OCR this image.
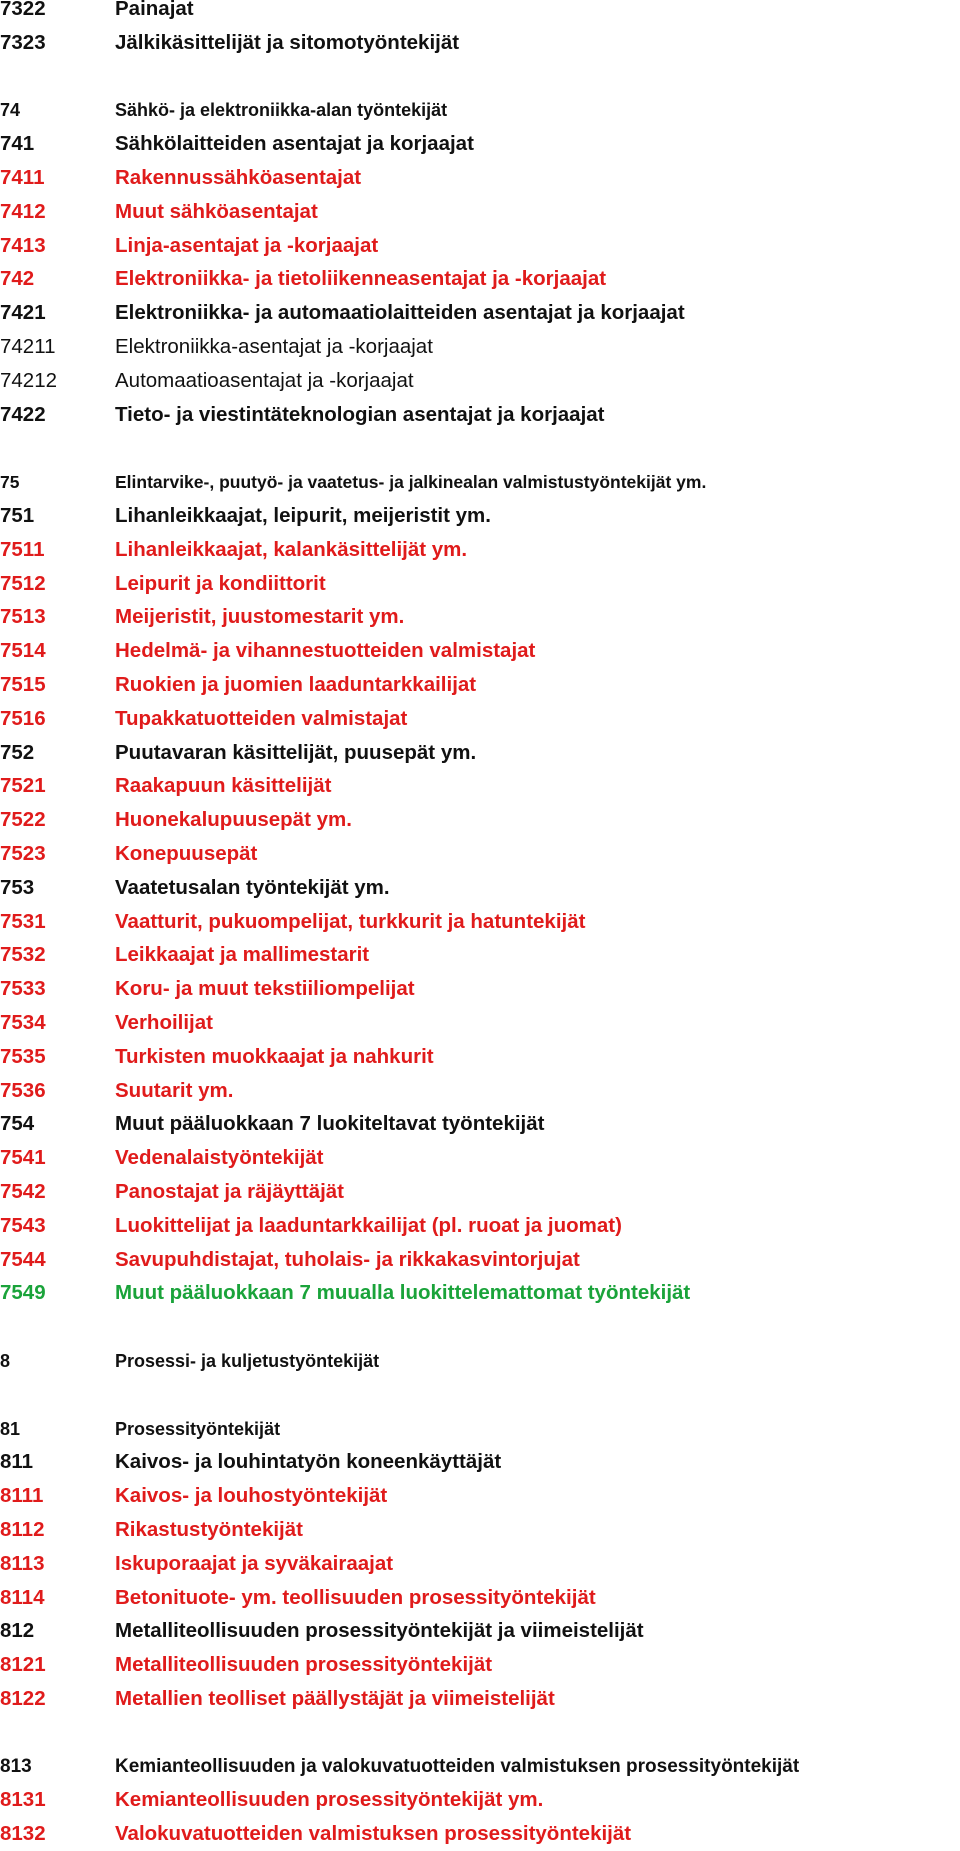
7322	Painajat
7323	Jälkikäsittelijät ja sitomotyöntekijät
74	Sähkö- ja elektroniikka-alan työntekijät
741	Sähkölaitteiden asentajat ja korjaajat
7411	Rakennussähköasentajat
7412	Muut sähköasentajat
7413	Linja-asentajat ja -korjaajat
742	Elektroniikka- ja tietoliikenneasentajat ja -korjaajat
7421	Elektroniikka- ja automaatiolaitteiden asentajat ja korjaajat
74211	Elektroniikka-asentajat ja -korjaajat
74212	Automaatioasentajat ja -korjaajat
7422	Tieto- ja viestintäteknologian asentajat ja korjaajat
75	Elintarvike-, puutyö- ja vaatetus- ja jalkinealan valmistustyöntekijät ym.
751	Lihanleikkaajat, leipurit, meijeristit ym.
7511	Lihanleikkaajat, kalankäsittelijät ym.
7512	Leipurit ja kondiittorit
7513	Meijeristit, juustomestarit ym.
7514	Hedelmä- ja vihannestuotteiden valmistajat
7515	Ruokien ja juomien laaduntarkkailijat
7516	Tupakkatuotteiden valmistajat
752	Puutavaran käsittelijät, puusepät ym.
7521	Raakapuun käsittelijät
7522	Huonekalupuusepät ym.
7523	Konepuusepät
753	Vaatetusalan työntekijät ym.
7531	Vaatturit, pukuompelijat, turkkurit ja hatuntekijät
7532	Leikkaajat ja mallimestarit
7533	Koru- ja muut tekstiiliompelijat
7534	Verhoilijat
7535	Turkisten muokkaajat ja nahkurit
7536	Suutarit ym.
754	Muut pääluokkaan 7 luokiteltavat työntekijät
7541	Vedenalaistyöntekijät
7542	Panostajat ja räjäyttäjät
7543	Luokittelijat ja laaduntarkkailijat (pl. ruoat ja juomat)
7544	Savupuhdistajat, tuholais- ja rikkakasvintorjujat
7549	Muut pääluokkaan 7 muualla luokittelemattomat työntekijät
8	Prosessi- ja kuljetustyöntekijät
81	Prosessityöntekijät
811	Kaivos- ja louhintatyön koneenkäyttäjät
8111	Kaivos- ja louhostyöntekijät
8112	Rikastustyöntekijät
8113	Iskuporaajat ja syväkairaajat
8114	Betonituote- ym. teollisuuden prosessityöntekijät
812	Metalliteollisuuden prosessityöntekijät ja viimeistelijät
8121	Metalliteollisuuden prosessityöntekijät
8122	Metallien teolliset päällystäjät ja viimeistelijät
813	Kemianteollisuuden ja valokuvatuotteiden valmistuksen prosessityöntekijät
8131	Kemianteollisuuden prosessityöntekijät ym.
8132	Valokuvatuotteiden valmistuksen prosessityöntekijät
